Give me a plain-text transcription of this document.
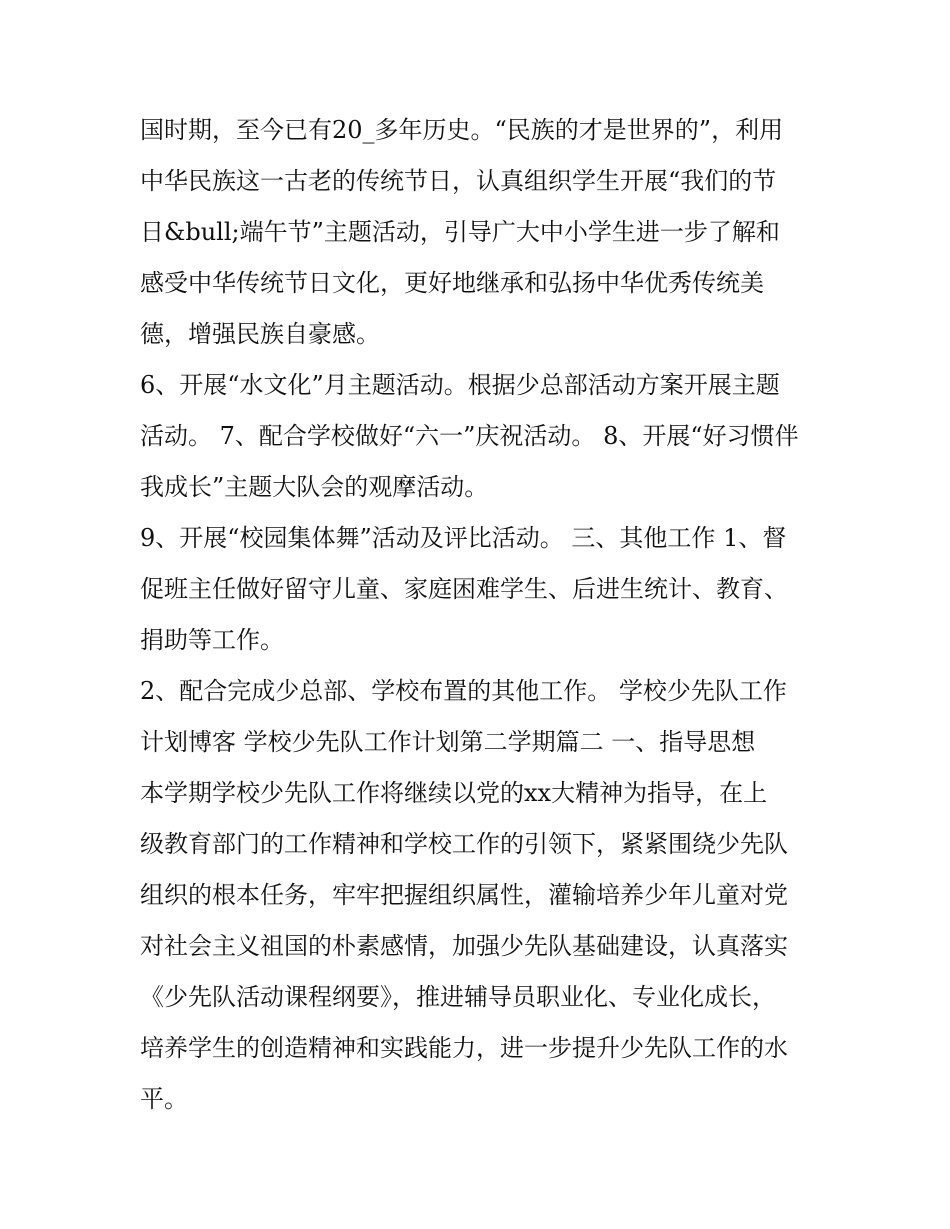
国时期，至今已有20_多年历史。“民族的才是世界的”，利用
中华民族这一古老的传统节日，认真组织学生开展“我们的节
日&bull;端午节”主题活动，引导广大中小学生进一步了解和
感受中华传统节日文化，更好地继承和弘扬中华优秀传统美
德，增强民族自豪感。
6、开展“水文化”月主题活动。根据少总部活动方案开展主题
活动。 7、配合学校做好“六一”庆祝活动。 8、开展“好习惯伴
我成长”主题大队会的观摩活动。
9、开展“校园集体舞”活动及评比活动。 三、其他工作 1、督
促班主任做好留守儿童、家庭困难学生、后进生统计、教育、
捐助等工作。
2、配合完成少总部、学校布置的其他工作。 学校少先队工作
计划博客 学校少先队工作计划第二学期篇二 一、指导思想
本学期学校少先队工作将继续以党的xx大精神为指导，在上
级教育部门的工作精神和学校工作的引领下，紧紧围绕少先队
组织的根本任务，牢牢把握组织属性，灌输培养少年儿童对党
对社会主义祖国的朴素感情，加强少先队基础建设，认真落实
《少先队活动课程纲要》，推进辅导员职业化、专业化成长，
培养学生的创造精神和实践能力，进一步提升少先队工作的水
平。
